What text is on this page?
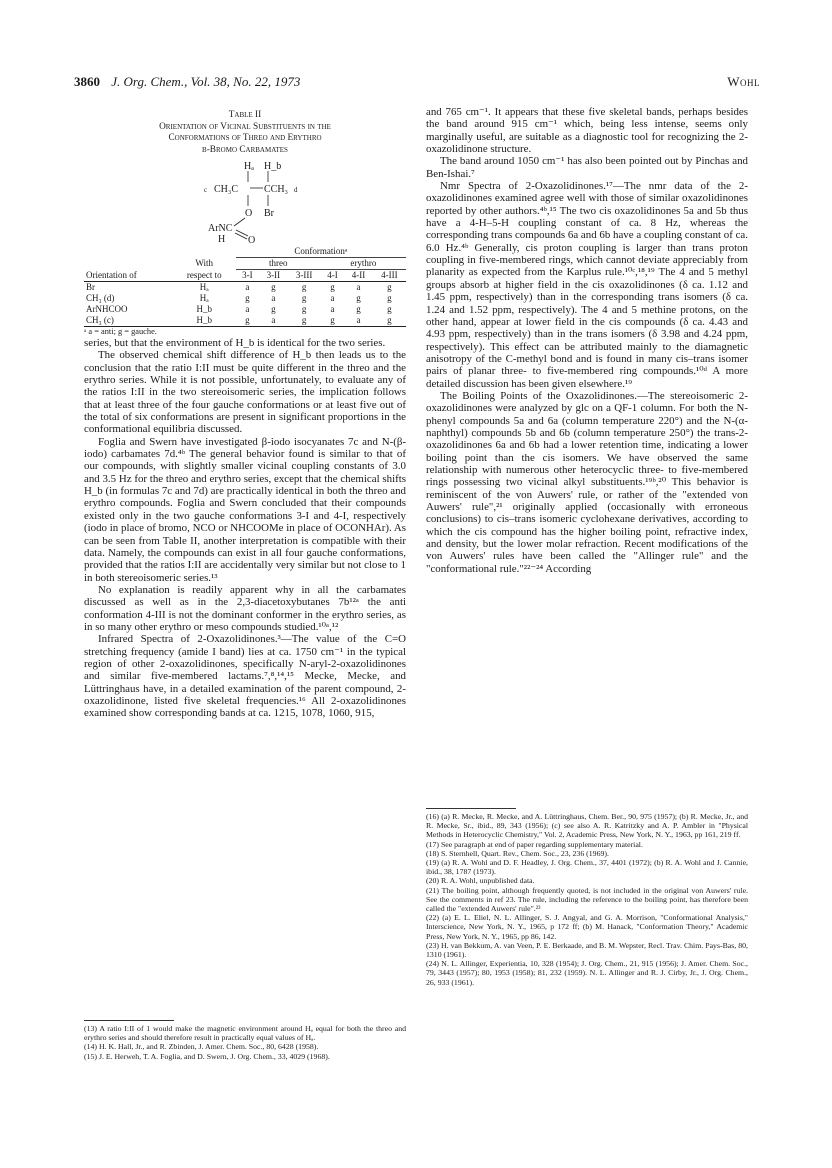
3860 J. Org. Chem., Vol. 38, No. 22, 1973	Wohl
Table II
Orientation of Vicinal Substituents in the
Conformations of Threo and Erythro
β-Bromo Carbamates
Hₐ H_b
c CH₃C	CCH₃ d
O Br
ArNC
O
H
		Conformationᵃ					
	With	threo			erythro		
Orientation of	respect to	3-I	3-II	3-III	4-I	4-II	4-III
Br	Hₐ	a	g	g	g	a	g
CH₃ (d)	Hₐ	g	a	g	a	g	g
ArNHCOO	H_b	a	g	g	a	g	g
CH₃ (c)	H_b	g	a	g	g	a	g

ᵃ a = anti; g = gauche.

series, but that the environment of H_b is identical for the two series.

The observed chemical shift difference of H_b then leads us to the conclusion that the ratio I:II must be quite different in the threo and the erythro series. While it is not possible, unfortunately, to evaluate any of the ratios I:II in the two stereoisomeric series, the implication follows that at least three of the four gauche conformations or at least five out of the total of six conformations are present in significant proportions in the conformational equilibria discussed.

Foglia and Swern have investigated β-iodo isocyanates 7c and N-(β-iodo) carbamates 7d.⁴ᵇ The general behavior found is similar to that of our compounds, with slightly smaller vicinal coupling constants of 3.0 and 3.5 Hz for the threo and erythro series, except that the chemical shifts H_b (in formulas 7c and 7d) are practically identical in both the threo and erythro compounds. Foglia and Swern concluded that their compounds existed only in the two gauche conformations 3-I and 4-I, respectively (iodo in place of bromo, NCO or NHCOOMe in place of OCONHAr). As can be seen from Table II, another interpretation is compatible with their data. Namely, the compounds can exist in all four gauche conformations, provided that the ratios I:II are accidentally very similar but not close to 1 in both stereoisomeric series.¹³

No explanation is readily apparent why in all the carbamates discussed as well as in the 2,3-diacetoxybutanes 7b¹²ᵃ the anti conformation 4-III is not the dominant conformer in the erythro series, as in so many other erythro or meso compounds studied.¹⁰ᵃ,¹²

Infrared Spectra of 2-Oxazolidinones.³—The value of the C=O stretching frequency (amide I band) lies at ca. 1750 cm⁻¹ in the typical region of other 2-oxazolidinones, specifically N-aryl-2-oxazolidinones and similar five-membered lactams.⁷,⁸,¹⁴,¹⁵ Mecke, Mecke, and Lüttringhaus have, in a detailed examination of the parent compound, 2-oxazolidinone, listed five skeletal frequencies.¹⁶ All 2-oxazolidinones examined show corresponding bands at ca. 1215, 1078, 1060, 915,

and 765 cm⁻¹. It appears that these five skeletal bands, perhaps besides the band around 915 cm⁻¹ which, being less intense, seems only marginally useful, are suitable as a diagnostic tool for recognizing the 2-oxazolidinone structure.

The band around 1050 cm⁻¹ has also been pointed out by Pinchas and Ben-Ishai.⁷

Nmr Spectra of 2-Oxazolidinones.¹⁷—The nmr data of the 2-oxazolidinones examined agree well with those of similar oxazolidinones reported by other authors.⁴ᵇ,¹⁵ The two cis oxazolidinones 5a and 5b thus have a 4-H–5-H coupling constant of ca. 8 Hz, whereas the corresponding trans compounds 6a and 6b have a coupling constant of ca. 6.0 Hz.⁴ᵇ Generally, cis proton coupling is larger than trans proton coupling in five-membered rings, which cannot deviate appreciably from planarity as expected from the Karplus rule.¹⁰ᶜ,¹⁸,¹⁹ The 4 and 5 methyl groups absorb at higher field in the cis oxazolidinones (δ ca. 1.12 and 1.45 ppm, respectively) than in the corresponding trans isomers (δ ca. 1.24 and 1.52 ppm, respectively). The 4 and 5 methine protons, on the other hand, appear at lower field in the cis compounds (δ ca. 4.43 and 4.93 ppm, respectively) than in the trans isomers (δ 3.98 and 4.24 ppm, respectively). This effect can be attributed mainly to the diamagnetic anisotropy of the C-methyl bond and is found in many cis–trans isomer pairs of planar three- to five-membered ring compounds.¹⁰ᵈ A more detailed discussion has been given elsewhere.¹⁹

The Boiling Points of the Oxazolidinones.—The stereoisomeric 2-oxazolidinones were analyzed by glc on a QF-1 column. For both the N-phenyl compounds 5a and 6a (column temperature 220°) and the N-(α-naphthyl) compounds 5b and 6b (column temperature 250°) the trans-2-oxazolidinones 6a and 6b had a lower retention time, indicating a lower boiling point than the cis isomers. We have observed the same relationship with numerous other heterocyclic three- to five-membered rings possessing two vicinal alkyl substituents.¹⁹ᵇ,²⁰ This behavior is reminiscent of the von Auwers' rule, or rather of the "extended von Auwers' rule",²¹ originally applied (occasionally with erroneous conclusions) to cis–trans isomeric cyclohexane derivatives, according to which the cis compound has the higher boiling point, refractive index, and density, but the lower molar refraction. Recent modifications of the von Auwers' rules have been called the "Allinger rule" and the "conformational rule."²²⁻²⁴ According

(13) A ratio I:II of 1 would make the magnetic environment around Hₐ equal for both the threo and erythro series and should therefore result in practically equal values of Hₐ.

(14) H. K. Hall, Jr., and R. Zbinden, J. Amer. Chem. Soc., 80, 6428 (1958).

(15) J. E. Herweh, T. A. Foglia, and D. Swern, J. Org. Chem., 33, 4029 (1968).

(16) (a) R. Mecke, R. Mecke, and A. Lüttringhaus, Chem. Ber., 90, 975 (1957); (b) R. Mecke, Jr., and R. Mecke, Sr., ibid., 89, 343 (1956); (c) see also A. R. Katritzky and A. P. Ambler in "Physical Methods in Heterocyclic Chemistry," Vol. 2, Academic Press, New York, N. Y., 1963, pp 161, 219 ff.

(17) See paragraph at end of paper regarding supplementary material.

(18) S. Sternhell, Quart. Rev., Chem. Soc., 23, 236 (1969).

(19) (a) R. A. Wohl and D. F. Headley, J. Org. Chem., 37, 4401 (1972); (b) R. A. Wohl and J. Cannie, ibid., 38, 1787 (1973).

(20) R. A. Wohl, unpublished data.

(21) The boiling point, although frequently quoted, is not included in the original von Auwers' rule. See the comments in ref 23. The rule, including the reference to the boiling point, has therefore been called the "extended Auwers' rule".²³

(22) (a) E. L. Eliel, N. L. Allinger, S. J. Angyal, and G. A. Morrison, "Conformational Analysis," Interscience, New York, N. Y., 1965, p 172 ff; (b) M. Hanack, "Conformation Theory," Academic Press, New York, N. Y., 1965, pp 86, 142.

(23) H. van Bekkum, A. van Veen, P. E. Berkaade, and B. M. Wepster, Recl. Trav. Chim. Pays-Bas, 80, 1310 (1961).

(24) N. L. Allinger, Experientia, 10, 328 (1954); J. Org. Chem., 21, 915 (1956); J. Amer. Chem. Soc., 79, 3443 (1957); 80, 1953 (1958); 81, 232 (1959). N. L. Allinger and R. J. Cirby, Jr., J. Org. Chem., 26, 933 (1961).
